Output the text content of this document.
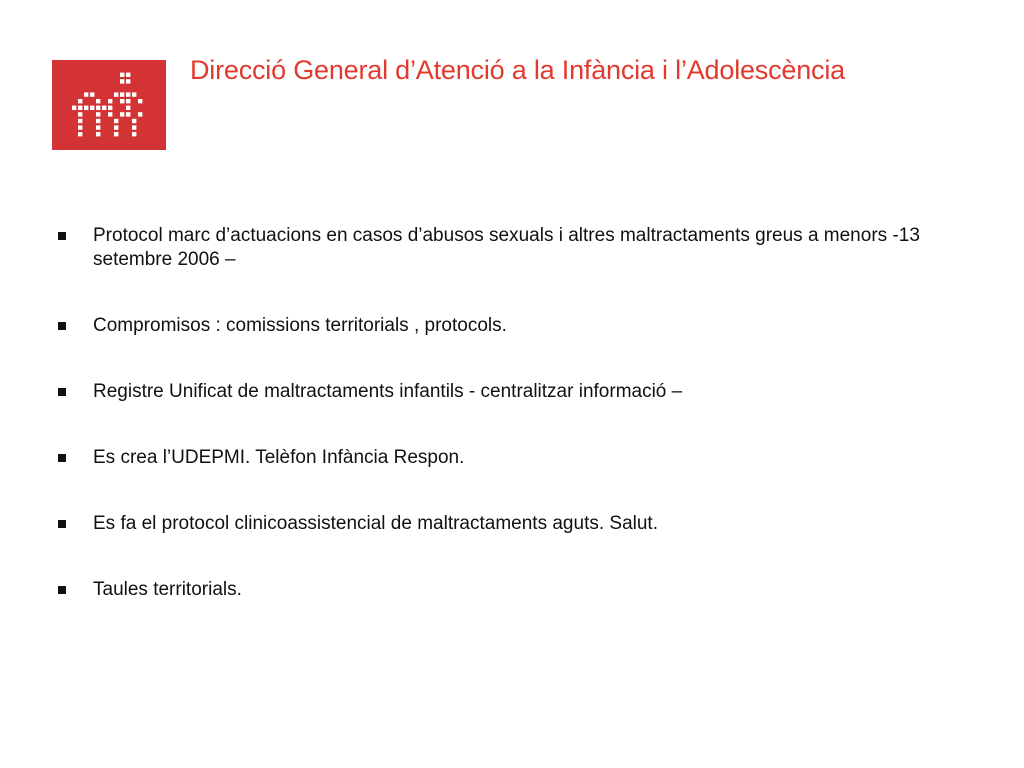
Direcció General d’Atenció a la Infància i l’Adolescència
Protocol marc d’actuacions en casos d’abusos sexuals i altres maltractaments greus a menors -13 setembre 2006 –
Compromisos : comissions territorials , protocols.
Registre Unificat de maltractaments infantils - centralitzar informació –
Es crea l’UDEPMI. Telèfon Infància Respon.
Es fa el protocol clinicoassistencial de maltractaments aguts. Salut.
Taules territorials.
